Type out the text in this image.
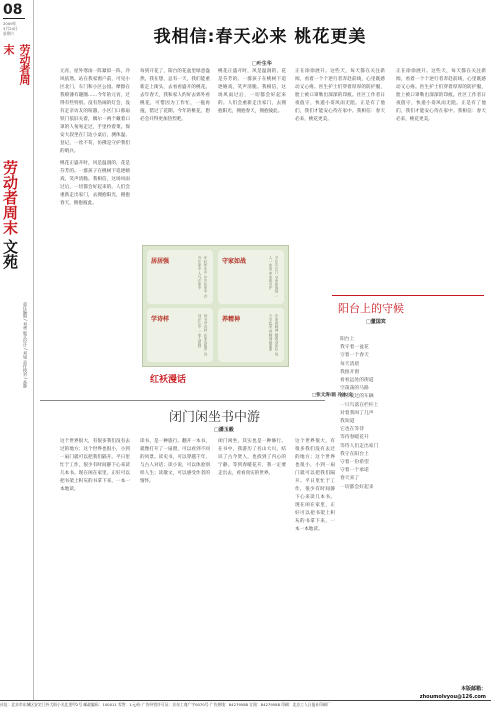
08
2009年
3月24日
星期六
劳动者周末
劳动者周末
文苑
责任编辑 / 刘勇 版式设计 / 刘旭 责任校对 / 高静
我相信:春天必来 桃花更美
□叶生华
元宵，屋外寒雨一阵紧似一阵，冷风依然。站在我家窗户前，可见小区北门，车门和小区公园。摩擦在我喷薄有趣圈……今年的元宵，过得有些特别。没有热闹的灯会，没有走亲访友的喧嚣，小区门口那扇铁门依旧关着，偶尔一两个戴着口罩的人匆匆走过，手里拎着菜。保安大叔坐在门边小桌后，测体温、登记，一丝不苟，仿佛是守护我们的哨兵。
每到开花了，阳台的花盆里绿意盎然，我在想，总有一天，我们能重新走上街头，去看看盛开的桃花。去年春天，我和家人约好去郊外看桃花，可惜因为工作忙，一拖再拖，错过了花期。今年的桃花，想必会开得更加热烈吧。
桃花正盛开时，风是温润的，花是芬芳的。一群孩子在桃树下追逐嬉戏，笑声清脆。我相信，这场风雨过后，一切都会好起来的。人们会重新走出家门，去拥抱阳光，拥抱春天，拥抱彼此。
正在徐徐展开。这些天，每天都在关注新闻，看着一个个逆行者奔赴前线，心里既感动又心疼。医生护士们穿着厚厚的防护服，脸上被口罩勒出深深的印痕。社区工作者日夜值守，快递小哥风雨无阻。正是有了他们，我们才能安心待在家中。我相信：春天必来，桃花更美。
正在徐徐展开。这些天，每天都在关注新闻，看着一个个逆行者奔赴前线，心里既感动又心疼。医生护士们穿着厚厚的防护服，脸上被口罩勒出深深的印痕。社区工作者日夜值守，快递小哥风雨无阻。正是有了他们，我们才能安心待在家中。我相信：春天必来，桃花更美。
桃花正盛开时，风是温润的，花是芬芳的。一群孩子在桃树下追逐嬉戏，笑声清脆。我相信，这场风雨过后，一切都会好起来的。人们会重新走出家门，去拥抱阳光，拥抱春天，拥抱彼此。
居居强	年轻年年岁 岁岁在家中 冷冷在家中 人气在家中
守家如战	守住小区门 守家如战场 一人一家庭 家家都守护
学诗样	读书学诗样 在家也能学 诗词在心中 一家人团圆
养精神	在家养精神 锻炼身体好 每天早起来 养精神最重要
红袄漫话
□张文涛/画 冷冰/文
阳台上的守候
□董国宾
阳台上
我守着一盆花
守着一个春天
每天清晨
我推开窗
看看远处的街道
空荡荡的马路
偶尔驶过的车辆
一只鸟落在栏杆上
对着我叫了几声
我知道
它也在等待
等待春暖花开
等待人们走出家门
我守在阳台上
守着一份希望
守着一个承诺
春天来了
一切都会好起来
闭门闲坐书中游
□潘玉毅
这个世界很大，有很多我们没有去过的地方；这个世界也很小，小到一扇门就可以把我们隔开。平日里忙于工作，很少有时间静下心来读几本书。现在闲在家里，正好可以把书架上积灰的书拿下来，一本一本地读。
读书，是一种旅行。翻开一本书，就像打开了一扇窗，可以看到不同的风景。读史书，可以穿越千年，与古人对话；读小说，可以体验别样人生；读散文，可以感受作者的情怀。
闭门闲坐，其实也是一种修行。在书中，我游历了名山大川，结识了古今贤人，也找到了内心的宁静。等到春暖花开，我一定要走出去，看看真实的世界。
这个世界很大，有很多我们没有去过的地方；这个世界也很小，小到一扇门就可以把我们隔开。平日里忙于工作，很少有时间静下心来读几本书。现在闲在家里，正好可以把书架上积灰的书拿下来，一本一本地读。
本版邮箱：
zhoumolvyou@126.com
社址：北京市东城区安定门外大街小关北里甲2号 邮政编码：100011 零售：1元/份 广告经营许可证：京东工商广字0070号 广告热线：84279588 订阅：84279588 印刷：北京工人日报社印刷厂
